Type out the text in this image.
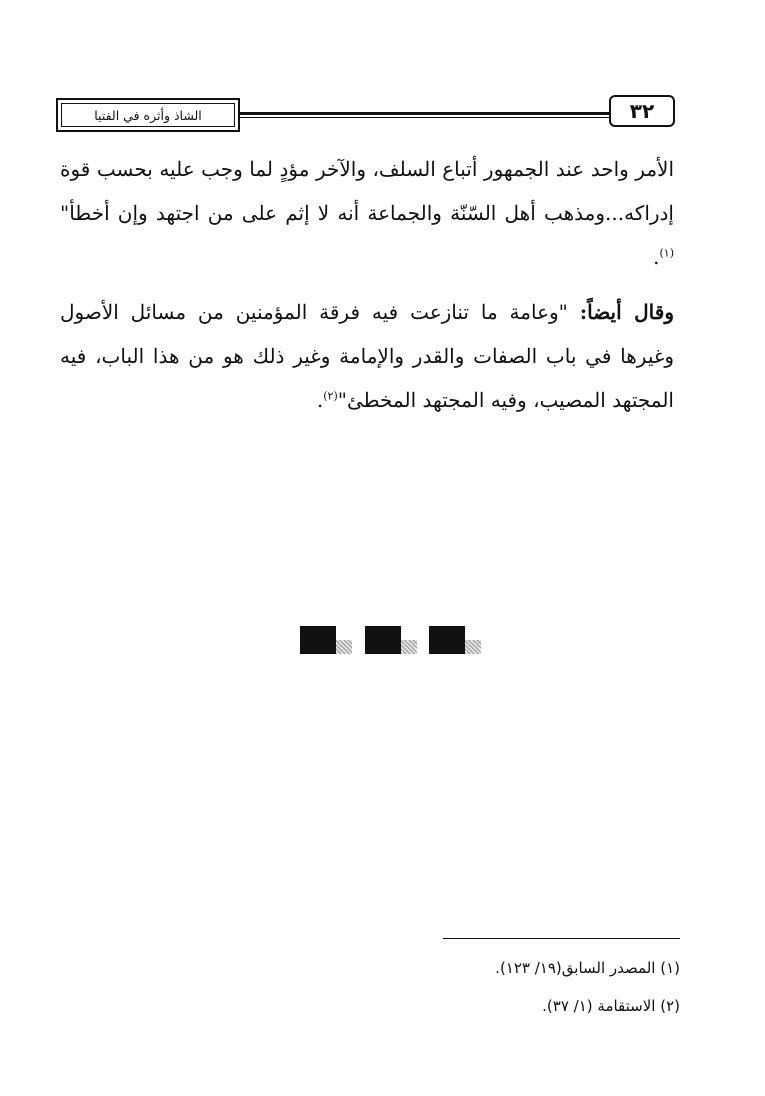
٣٢
الشاذ وأثره في الفتيا
الأمر واحد عند الجمهور أتباع السلف، والآخر مؤدٍ لما وجب عليه بحسب قوة إدراكه...ومذهب أهل السّنّة والجماعة أنه لا إثم على من اجتهد وإن أخطأ"$^{(١)}$.
وقال أيضاً: "وعامة ما تنازعت فيه فرقة المؤمنين من مسائل الأصول وغيرها في باب الصفات والقدر والإمامة وغير ذلك هو من هذا الباب، فيه المجتهد المصيب، وفيه المجتهد المخطئ"$^{(٢)}$.
(١) المصدر السابق(١٩/ ١٢٣).
(٢) الاستقامة (١/ ٣٧).
